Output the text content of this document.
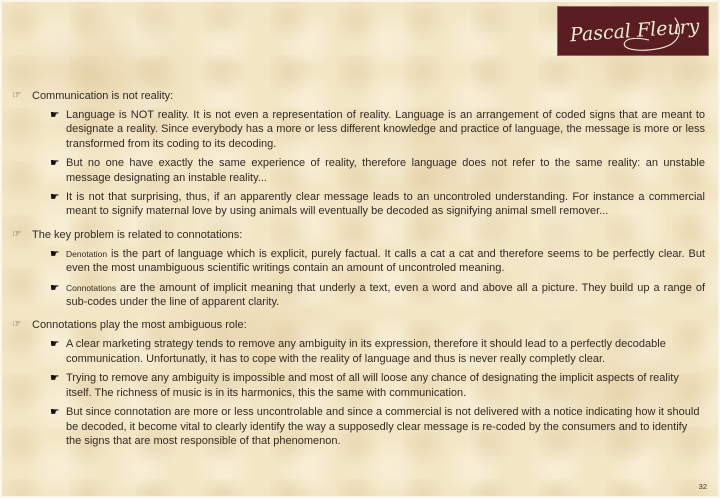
Pascal Fleury
☞ Communication is not reality:
☛ Language is NOT reality. It is not even a representation of reality. Language is an arrangement of coded signs that are meant to designate a reality. Since everybody has a more or less different knowledge and practice of language, the message is more or less transformed from its coding to its decoding.

☛ But no one have exactly the same experience of reality, therefore language does not refer to the same reality: an unstable message designating an instable reality...

☛ It is not that surprising, thus, if an apparently clear message leads to an uncontroled understanding. For instance a commercial meant to signify maternal love by using animals will eventually be decoded as signifying animal smell remover...

☞ The key problem is related to connotations:
☛ Denotation is the part of language which is explicit, purely factual. It calls a cat a cat and therefore seems to be perfectly clear. But even the most unambiguous scientific writings contain an amount of uncontroled meaning.

☛ Connotations are the amount of implicit meaning that underly a text, even a word and above all a picture. They build up a range of sub-codes under the line of apparent clarity.

☞ Connotations play the most ambiguous role:
☛ A clear marketing strategy tends to remove any ambiguity in its expression, therefore it should lead to a perfectly decodable communication. Unfortunatly, it has to cope with the reality of language and thus is never really completly clear.

☛ Trying to remove any ambiguity is impossible and most of all will loose any chance of designating the implicit aspects of reality itself. The richness of music is in its harmonics, this the same with communication.

☛ But since connotation are more or less uncontrolable and since a commercial is not delivered with a notice indicating how it should be decoded, it become vital to clearly identify the way a supposedly clear message is re-coded by the consumers and to identify the signs that are most responsible of that phenomenon.

32
